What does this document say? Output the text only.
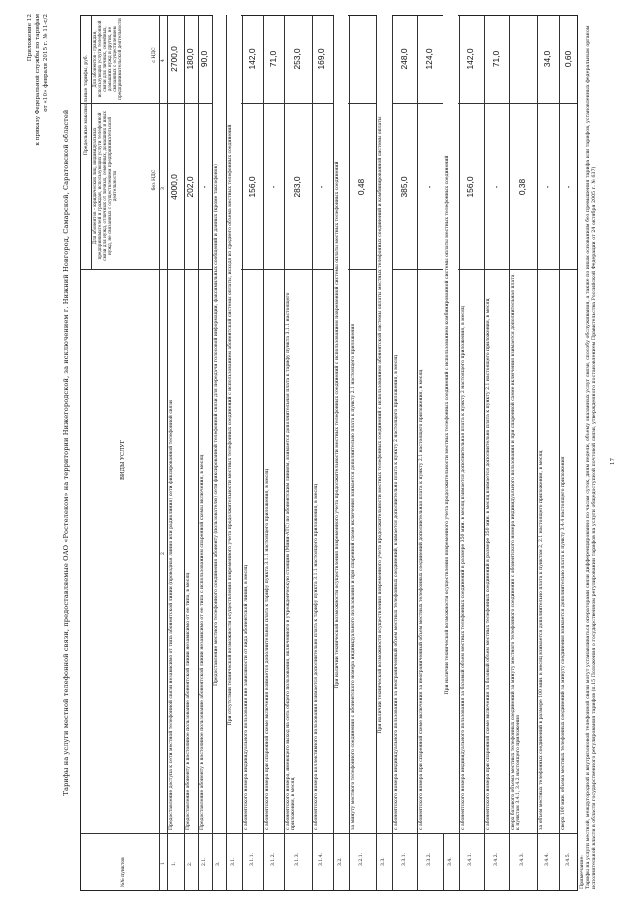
Приложение 12 к приказу Федеральной службы по тарифам от «10» февраля 2015 г. № 11-с/2
Тарифы на услуги местной телефонной связи, предоставляемые ОАО «Ростелеком» на территории Нижегородской, за исключением г. Нижний Новгород, Самарской, Саратовской областей
№№ пунктов
ВИДЫ УСЛУГ
Предельные максимальные тарифы, руб.
Для абонентов – юридических лиц, индивидуальных предпринимателей и граждан, использующих услуги телефонной связи для нужд, отличных от личных, семейных, домашних и иных нужд, не связанных с осуществлением предпринимательской деятельности
Для абонентов - граждан, использующих услуги телефонной связи для личных, семейных, домашних нужд и других, не связанных с осуществлением предпринимательской деятельности
без НДС
с НДС
1
2
3
4
1.
Предоставление доступа к сети местной телефонной связи независимо от типа абонентской линии (проводная линия или радиолиния) сети фиксированной телефонной связи
4000,0
2700,0
2.
Предоставление абоненту в постоянное пользование абонентской линии независимо от ее типа, в месяц
202,0
180,0
2.1.
Предоставление абоненту в постоянное пользование абонентской линии независимо от ее типа с использованием спаренной схемы включения, в месяц
-
90,0
3.
Предоставление местного телефонного соединения абоненту (пользователю) сети фиксированной телефонной связи для передачи голосовой информации, факсимильных сообщений и данных (кроме таксофонов)
3.1.
При отсутствии технической возможности осуществления повременного учета продолжительности местных телефонных соединений с использованием абонентской системы оплаты, исходя из среднего объема местных телефонных соединений
3.1.1.
с абонентского номера индивидуального пользования вне зависимости от вида абонентской линии, в месяц
156,0
142,0
3.1.2.
с абонентского номера при спаренной схеме включения взимается дополнительная плата к тарифу пункта 3.1.1 настоящего приложения, в месяц
-
71,0
3.1.3.
с абонентского номера, имеющего выход на сеть общего пользования, включенного в учрежденческую станцию (Мини-АТС) по абонентским линиям, взимается дополнительная плата к тарифу пункта 3.1.1 настоящего приложения, в месяц
283,0
253,0
3.1.4.
с абонентского номера коллективного пользования взимается дополнительно плата к тарифу пункта 3.1.1 настоящего приложения, в месяц
-
169,0
3.2.
При наличии технической возможности осуществления повременного учета продолжительности местных телефонных соединений с использованием повременной системы оплаты местных телефонных соединений
3.2.1.
за минуту местного телефонного соединения с абонентского номера индивидуального пользования и при спаренной схеме включения взимается дополнительно плата к пункту 2.1 настоящего приложения
0,48
3.3.
При наличии технической возможности осуществления повременного учета продолжительности местных телефонных соединений с использованием абонентской системы оплаты местных телефонных соединений и комбинированной системы оплаты
3.3.1.
с абонентского номера индивидуального пользования за неограниченный объем местных телефонных соединений, взимается дополнительно плата к пункту 2 настоящего приложения, в месяц
385,0
248,0
3.3.2.
с абонентского номера при спаренной схеме включения за неограниченный объем местных телефонных соединений дополнительная плата к пункту 2.1 настоящего приложения, в месяц
-
124,0
3.4.
При наличии технической возможности осуществления повременного учета продолжительности местных телефонных соединений с использованием комбинированной системы оплаты местных телефонных соединений
3.4.1.
с абонентского номера индивидуального пользования за базовый объем местных телефонных соединений в размере 350 мин. в месяц взимается дополнительная плата к пункту 2 настоящего приложения, в месяц
156,0
142,0
3.4.2.
с абонентского номера при спаренной схеме включения за базовый объем местных телефонных соединений в размере 350 мин. в месяц взимается дополнительно плата к пункту 2.1 настоящего приложения, в месяц
-
71,0
3.4.3.
сверх базового объема местных телефонных соединений за минуту местного телефонного соединения с абонентского номера индивидуального пользования и при спаренной схеме включения взимается дополнительная плата к пунктам 3.4.1, 3.4.2 настоящего приложения
0,38
3.4.4.
за объем местных телефонных соединений в размере 100 мин. в месяц взимается дополнительно плата к пунктам 2, 2.1 настоящего приложения, в месяц
-
34,0
3.4.5.
сверх 100 мин. объема местных телефонных соединений за минуту соединения взимается дополнительно плата к пункту 3.4.4 настоящего приложения
-
0,60
Примечание:
Тарифы на услуги местной, междугородной и внутризоновой телефонной связи могут устанавливаться операторами связи дифференцированно по часам суток, дням недели, объему оказанных услуг связи, способу обслуживания, а также по иным основаниям без превышения тарифа или тарифов, установленных федеральным органом исполнительной власти в области государственного регулирования тарифов (п.15 Положения о государственном регулировании тарифов на услуги общедоступной почтовой связи, утвержденного постановлением Правительства Российской Федерации от 24 октября 2005 г. № 637) 17
